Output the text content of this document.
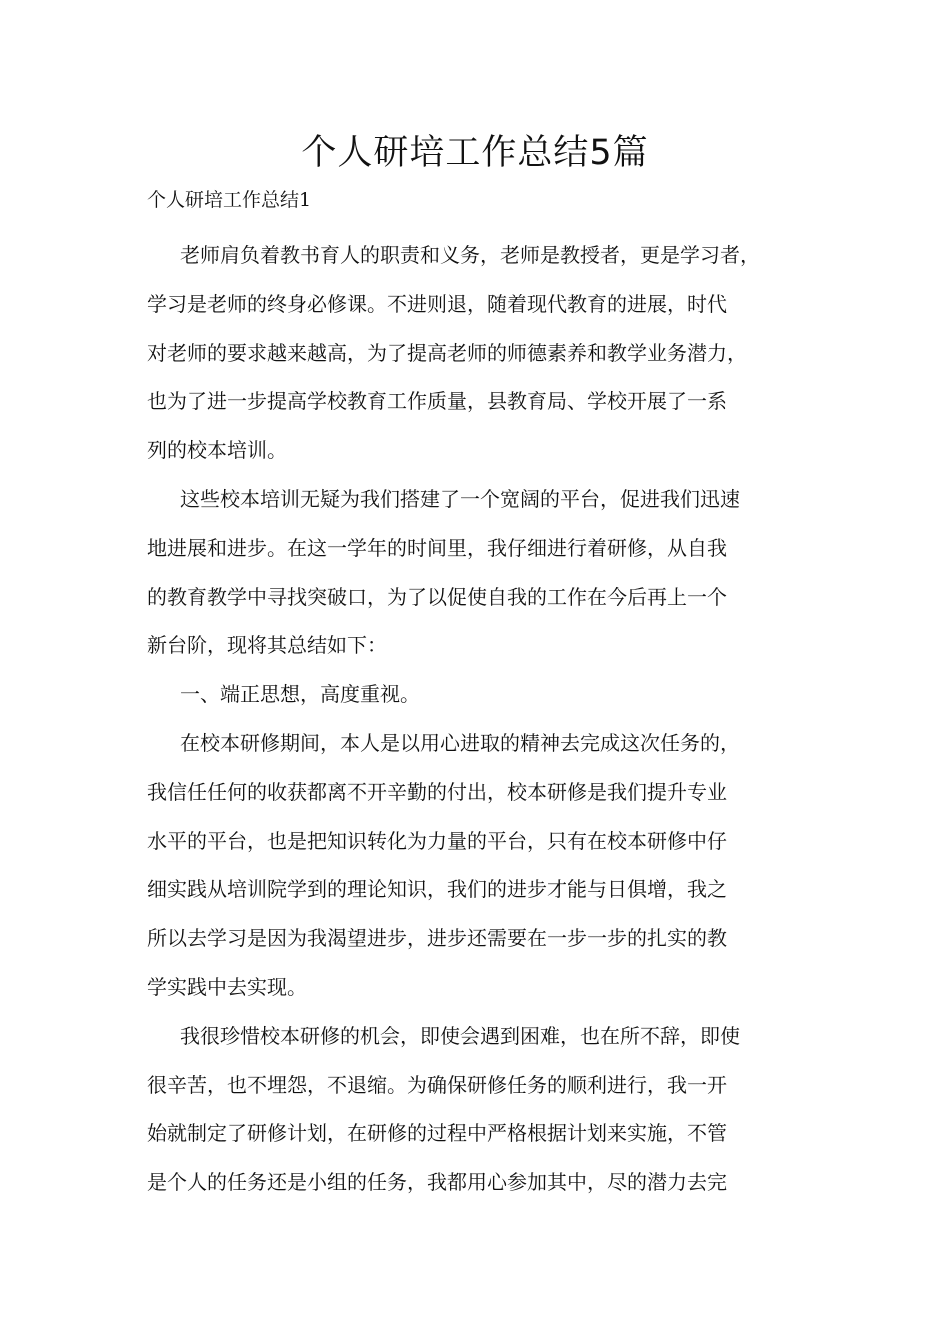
个人研培工作总结5篇
个人研培工作总结1

老师肩负着教书育人的职责和义务，老师是教授者，更是学习者，
学习是老师的终身必修课。不进则退，随着现代教育的进展，时代
对老师的要求越来越高，为了提高老师的师德素养和教学业务潜力，
也为了进一步提高学校教育工作质量，县教育局、学校开展了一系
列的校本培训。

这些校本培训无疑为我们搭建了一个宽阔的平台，促进我们迅速
地进展和进步。在这一学年的时间里，我仔细进行着研修，从自我
的教育教学中寻找突破口，为了以促使自我的工作在今后再上一个
新台阶，现将其总结如下：

一、端正思想，高度重视。

在校本研修期间，本人是以用心进取的精神去完成这次任务的，
我信任任何的收获都离不开辛勤的付出，校本研修是我们提升专业
水平的平台，也是把知识转化为力量的平台，只有在校本研修中仔
细实践从培训院学到的理论知识，我们的进步才能与日俱增，我之
所以去学习是因为我渴望进步，进步还需要在一步一步的扎实的教
学实践中去实现。

我很珍惜校本研修的机会，即使会遇到困难，也在所不辞，即使
很辛苦，也不埋怨，不退缩。为确保研修任务的顺利进行，我一开
始就制定了研修计划，在研修的过程中严格根据计划来实施，不管
是个人的任务还是小组的任务，我都用心参加其中，尽的潜力去完
